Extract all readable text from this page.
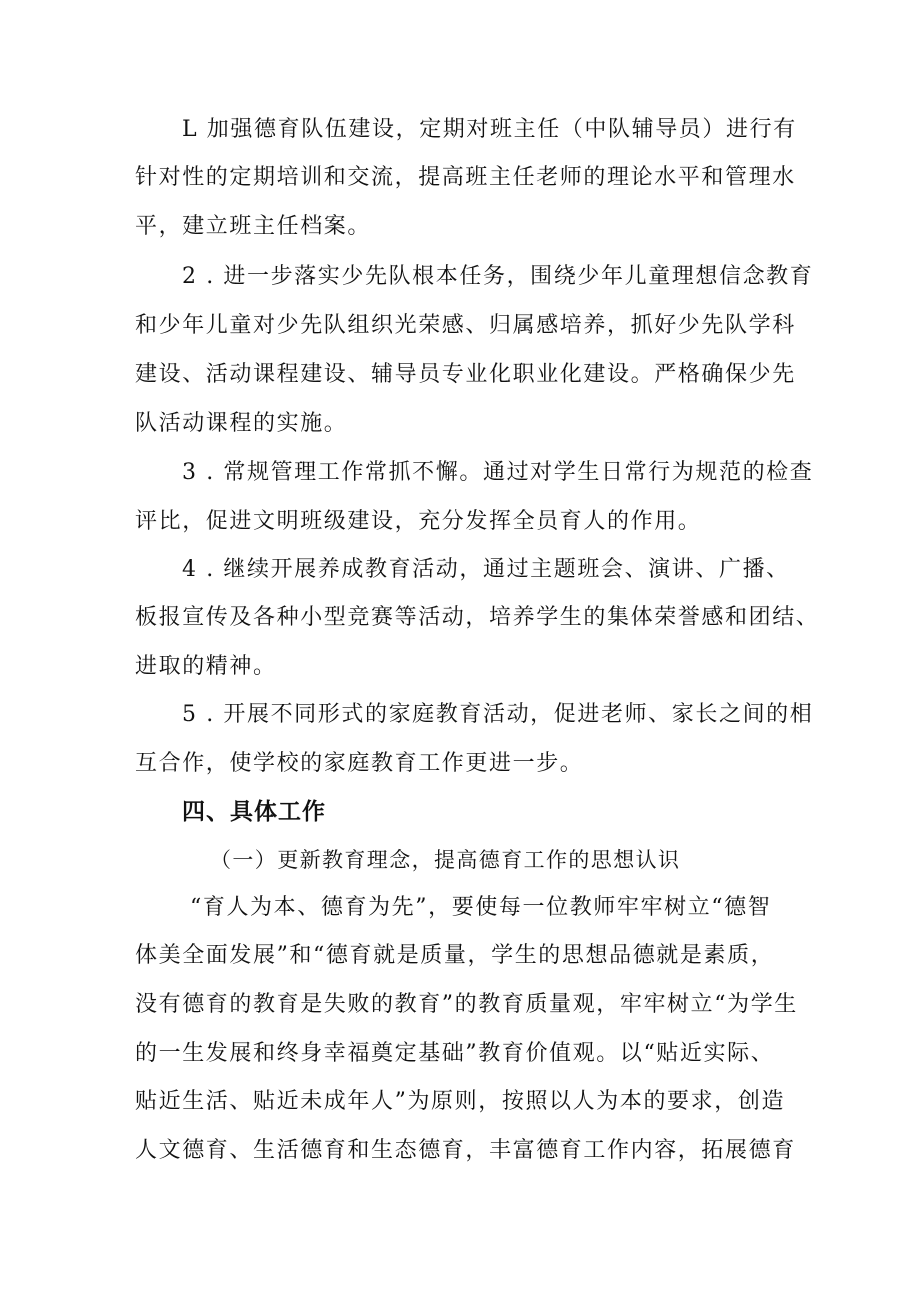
L 加强德育队伍建设，定期对班主任（中队辅导员）进行有
针对性的定期培训和交流，提高班主任老师的理论水平和管理水
平，建立班主任档案。
2 . 进一步落实少先队根本任务，围绕少年儿童理想信念教育
和少年儿童对少先队组织光荣感、归属感培养，抓好少先队学科
建设、活动课程建设、辅导员专业化职业化建设。严格确保少先
队活动课程的实施。
3 . 常规管理工作常抓不懈。通过对学生日常行为规范的检查
评比，促进文明班级建设，充分发挥全员育人的作用。
4 . 继续开展养成教育活动，通过主题班会、演讲、广播、
板报宣传及各种小型竞赛等活动，培养学生的集体荣誉感和团结、
进取的精神。
5 . 开展不同形式的家庭教育活动，促进老师、家长之间的相
互合作，使学校的家庭教育工作更进一步。
四、具体工作
（一）更新教育理念，提高德育工作的思想认识
“育人为本、德育为先”，要使每一位教师牢牢树立“德智
体美全面发展”和“德育就是质量，学生的思想品德就是素质，
没有德育的教育是失败的教育”的教育质量观，牢牢树立“为学生
的一生发展和终身幸福奠定基础”教育价值观。以“贴近实际、
贴近生活、贴近未成年人”为原则，按照以人为本的要求，创造
人文德育、生活德育和生态德育，丰富德育工作内容，拓展德育
